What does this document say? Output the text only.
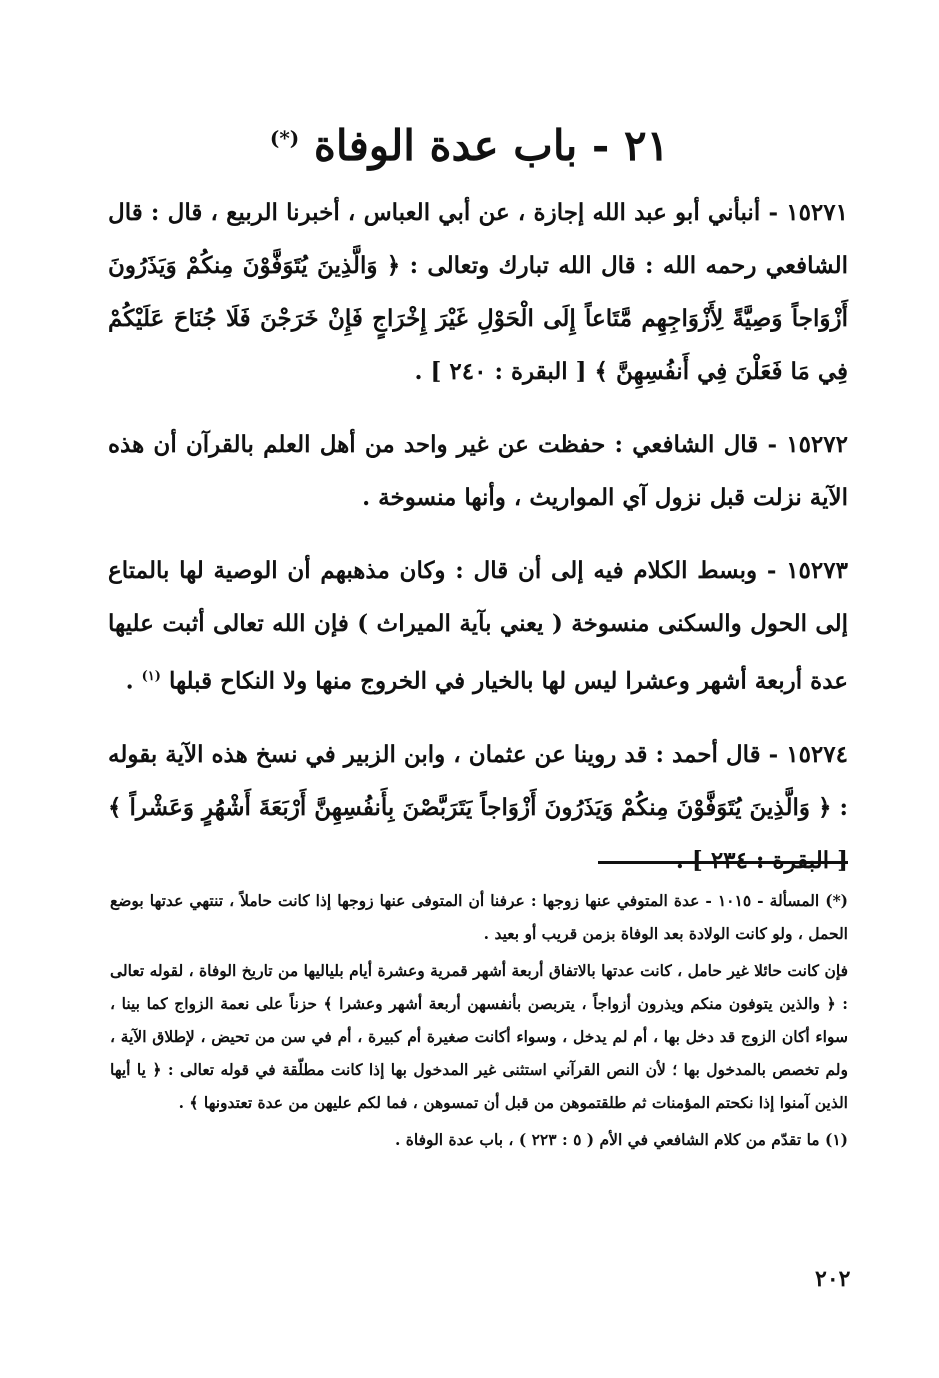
٢١ - باب عدة الوفاة (*)

١٥٢٧١ - أنبأني أبو عبد الله إجازة ، عن أبي العباس ، أخبرنا الربيع ، قال : قال الشافعي رحمه الله : قال الله تبارك وتعالى : ﴿ وَالَّذِينَ يُتَوَفَّوْنَ مِنكُمْ وَيَذَرُونَ أَزْوَاجاً وَصِيَّةً لِأَزْوَاجِهِم مَّتَاعاً إِلَى الْحَوْلِ غَيْرَ إِخْرَاجٍ فَإِنْ خَرَجْنَ فَلَا جُنَاحَ عَلَيْكُمْ فِي مَا فَعَلْنَ فِي أَنفُسِهِنَّ ﴾ [ البقرة : ٢٤٠ ] .

١٥٢٧٢ - قال الشافعي : حفظت عن غير واحد من أهل العلم بالقرآن أن هذه الآية نزلت قبل نزول آي المواريث ، وأنها منسوخة .

١٥٢٧٣ - وبسط الكلام فيه إلى أن قال : وكان مذهبهم أن الوصية لها بالمتاع إلى الحول والسكنى منسوخة ( يعني بآية الميراث ) فإن الله تعالى أثبت عليها عدة أربعة أشهر وعشرا ليس لها بالخيار في الخروج منها ولا النكاح قبلها $^{(١)}$ .

١٥٢٧٤ - قال أحمد : قد روينا عن عثمان ، وابن الزبير في نسخ هذه الآية بقوله : ﴿ وَالَّذِينَ يُتَوَفَّوْنَ مِنكُمْ وَيَذَرُونَ أَزْوَاجاً يَتَرَبَّصْنَ بِأَنفُسِهِنَّ أَرْبَعَةَ أَشْهُرٍ وَعَشْراً ﴾

(*) المسألة - ١٠١٥ - عدة المتوفي عنها زوجها : عرفنا أن المتوفى عنها زوجها إذا كانت حاملاً ، تنتهي عدتها بوضع الحمل ، ولو كانت الولادة بعد الوفاة بزمن قريب أو بعيد .

فإن كانت حائلا غير حامل ، كانت عدتها بالاتفاق أربعة أشهر قمرية وعشرة أيام بلياليها من تاريخ الوفاة ، لقوله تعالى : ﴿ والذين يتوفون منكم ويذرون أزواجاً ، يتربصن بأنفسهن أربعة أشهر وعشرا ﴾ حزناً على نعمة الزواج كما بينا ، سواء أكان الزوج قد دخل بها ، أم لم يدخل ، وسواء أكانت صغيرة أم كبيرة ، أم في سن من تحيض ، لإطلاق الآية ، ولم تخصص بالمدخول بها ؛ لأن النص القرآني استثنى غير المدخول بها إذا كانت مطلّقة في قوله تعالى : ﴿ يا أيها الذين آمنوا إذا نكحتم المؤمنات ثم طلقتموهن من قبل أن تمسوهن ، فما لكم عليهن من عدة تعتدونها ﴾ .

(١) ما تقدّم من كلام الشافعي في الأم ( ٥ : ٢٢٣ ) ، باب عدة الوفاة .

٢٠٢
